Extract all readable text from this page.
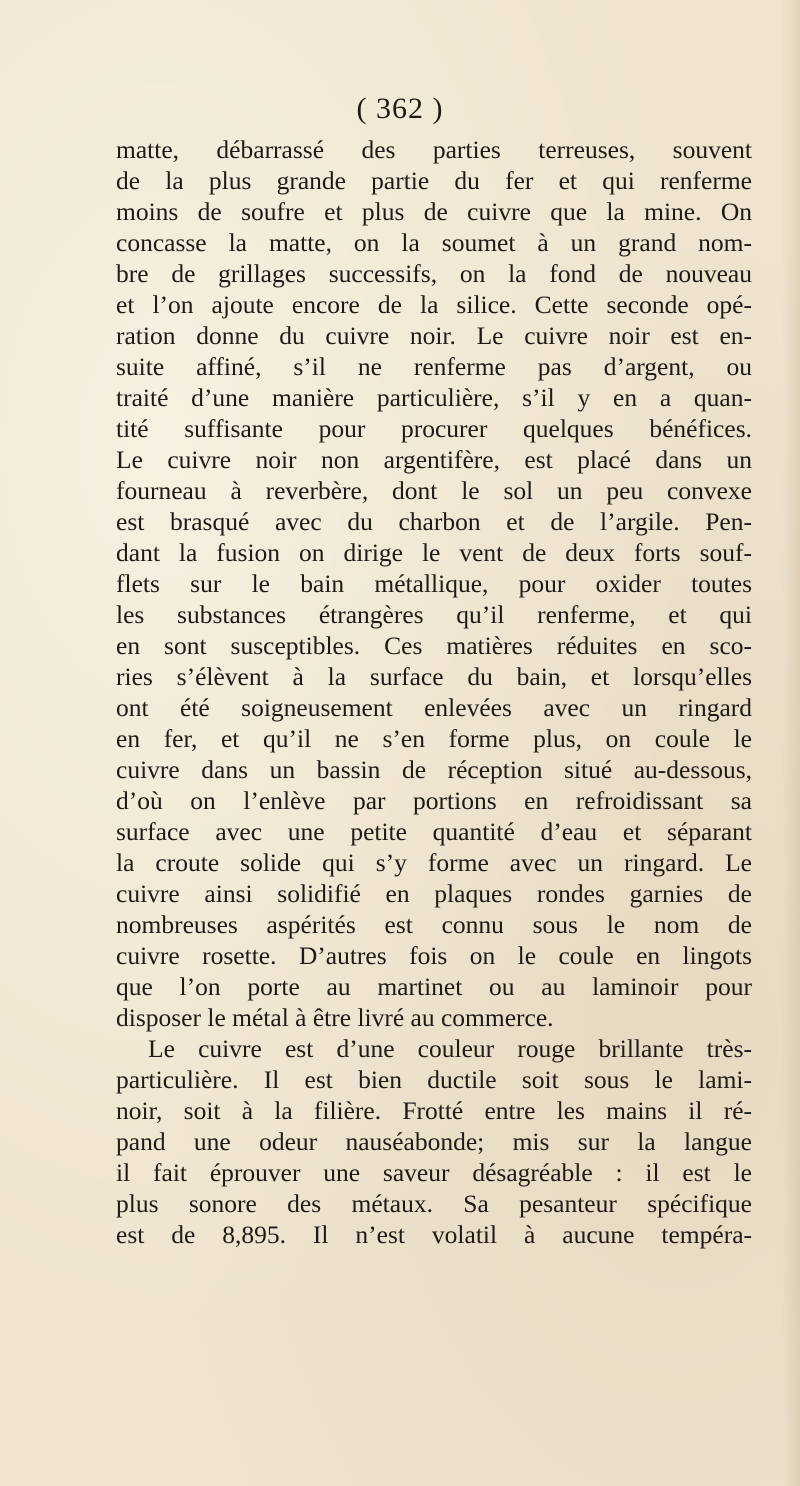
( 362 )
matte, débarrassé des parties terreuses, souvent
de la plus grande partie du fer et qui renferme
moins de soufre et plus de cuivre que la mine. On
concasse la matte, on la soumet à un grand nom-
bre de grillages successifs, on la fond de nouveau
et l’on ajoute encore de la silice. Cette seconde opé-
ration donne du cuivre noir. Le cuivre noir est en-
suite affiné, s’il ne renferme pas d’argent, ou
traité d’une manière particulière, s’il y en a quan-
tité suffisante pour procurer quelques bénéfices.
Le cuivre noir non argentifère, est placé dans un
fourneau à reverbère, dont le sol un peu convexe
est brasqué avec du charbon et de l’argile. Pen-
dant la fusion on dirige le vent de deux forts souf-
flets sur le bain métallique, pour oxider toutes
les substances étrangères qu’il renferme, et qui
en sont susceptibles. Ces matières réduites en sco-
ries s’élèvent à la surface du bain, et lorsqu’elles
ont été soigneusement enlevées avec un ringard
en fer, et qu’il ne s’en forme plus, on coule le
cuivre dans un bassin de réception situé au-dessous,
d’où on l’enlève par portions en refroidissant sa
surface avec une petite quantité d’eau et séparant
la croute solide qui s’y forme avec un ringard. Le
cuivre ainsi solidifié en plaques rondes garnies de
nombreuses aspérités est connu sous le nom de
cuivre rosette. D’autres fois on le coule en lingots
que l’on porte au martinet ou au laminoir pour
disposer le métal à être livré au commerce.
Le cuivre est d’une couleur rouge brillante très-
particulière. Il est bien ductile soit sous le lami-
noir, soit à la filière. Frotté entre les mains il ré-
pand une odeur nauséabonde; mis sur la langue
il fait éprouver une saveur désagréable : il est le
plus sonore des métaux. Sa pesanteur spécifique
est de 8,895. Il n’est volatil à aucune tempéra-
